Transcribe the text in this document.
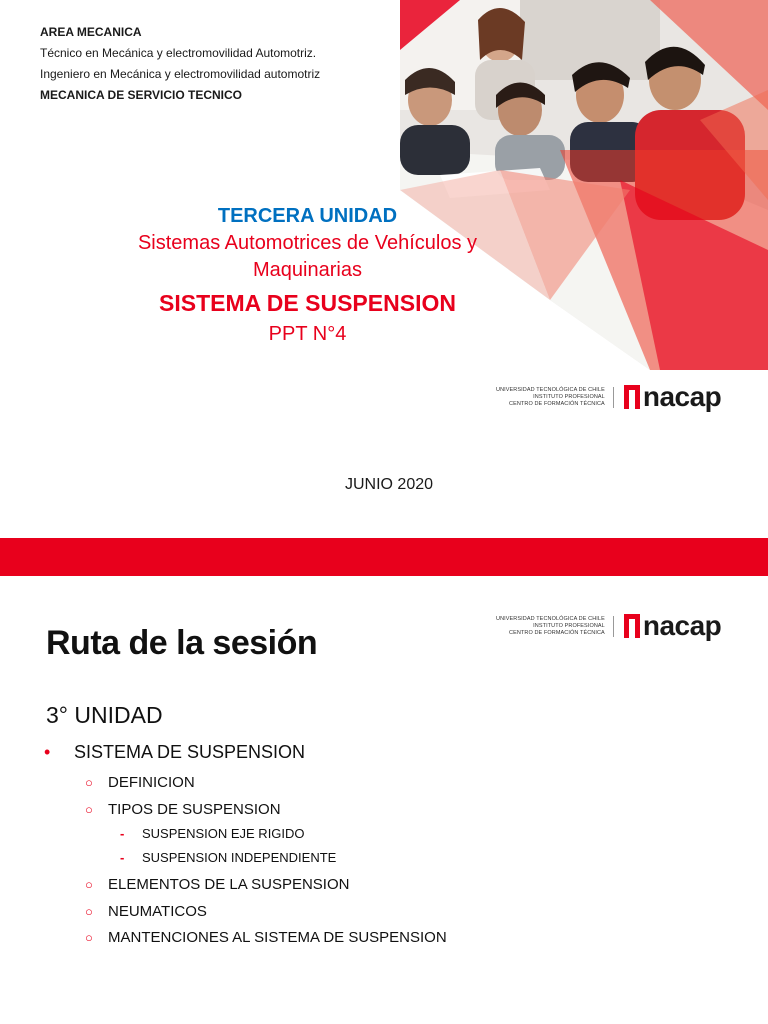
AREA MECANICA
Técnico en Mecánica y electromovilidad Automotriz.
Ingeniero en Mecánica y electromovilidad automotriz
MECANICA DE SERVICIO TECNICO
TERCERA UNIDAD
Sistemas Automotrices de Vehículos y
Maquinarias
SISTEMA DE SUSPENSION
PPT N°4
UNIVERSIDAD TECNOLÓGICA DE CHILE
INSTITUTO PROFESIONAL
CENTRO DE FORMACIÓN TÉCNICA nacap
JUNIO 2020
Ruta de la sesión
3° UNIDAD
•	SISTEMA DE SUSPENSION
○	DEFINICION
○	TIPOS DE SUSPENSION
-	SUSPENSION EJE RIGIDO
-	SUSPENSION INDEPENDIENTE
○	ELEMENTOS DE LA SUSPENSION
○	NEUMATICOS
○	MANTENCIONES AL SISTEMA DE SUSPENSION
UNIVERSIDAD TECNOLÓGICA DE CHILE
INSTITUTO PROFESIONAL
CENTRO DE FORMACIÓN TÉCNICA nacap
